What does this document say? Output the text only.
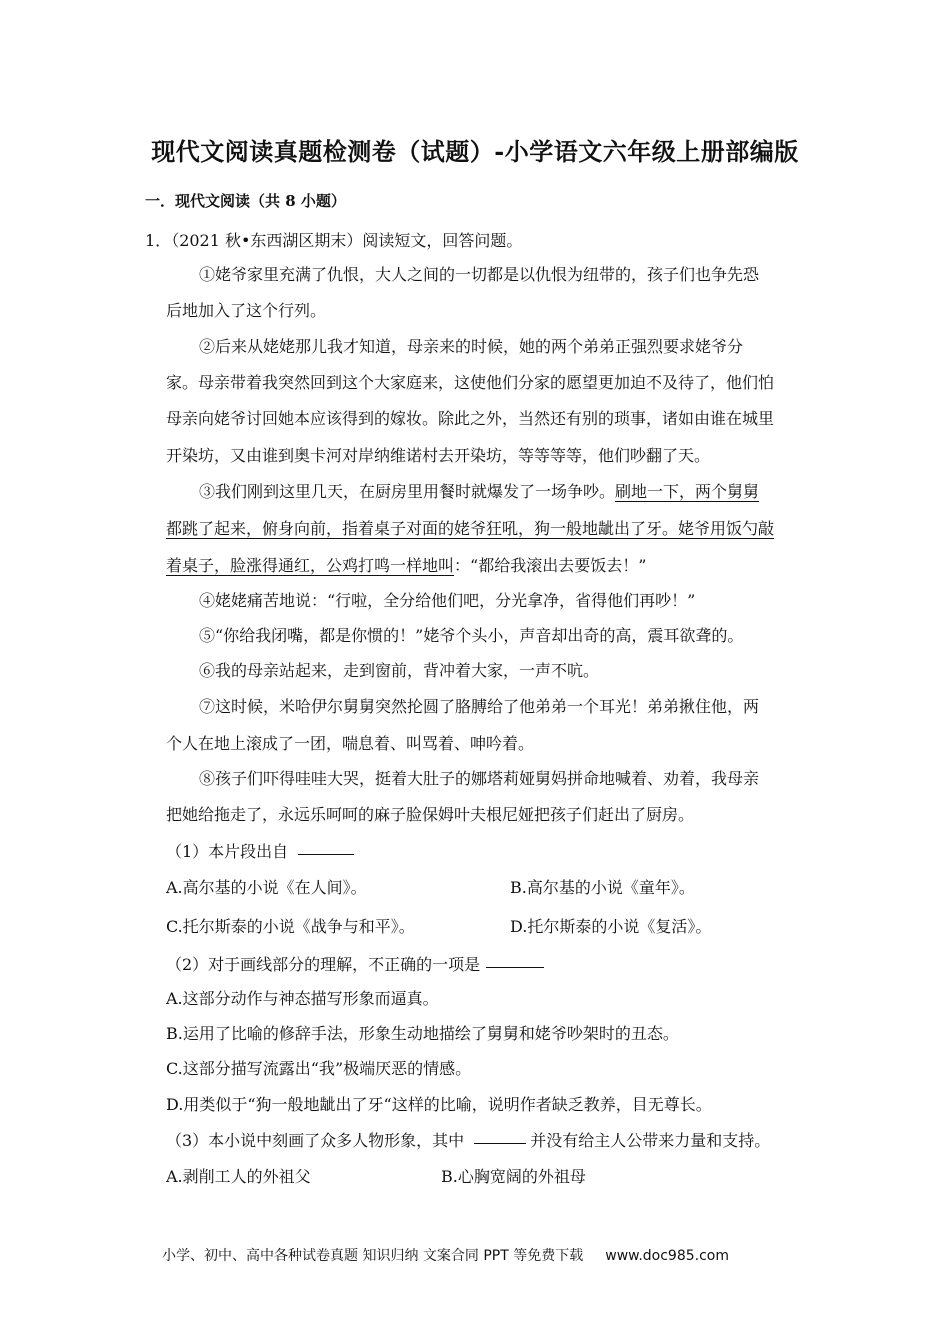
现代文阅读真题检测卷（试题）-小学语文六年级上册部编版
一．现代文阅读（共 8 小题）
1．（2021 秋•东西湖区期末）阅读短文，回答问题。
①姥爷家里充满了仇恨，大人之间的一切都是以仇恨为纽带的，孩子们也争先恐
后地加入了这个行列。
②后来从姥姥那儿我才知道，母亲来的时候，她的两个弟弟正强烈要求姥爷分
家。母亲带着我突然回到这个大家庭来，这使他们分家的愿望更加迫不及待了，他们怕
母亲向姥爷讨回她本应该得到的嫁妆。除此之外，当然还有别的琐事，诸如由谁在城里
开染坊，又由谁到奥卡河对岸纳维诺村去开染坊，等等等等，他们吵翻了天。
③我们刚到这里几天，在厨房里用餐时就爆发了一场争吵。刷地一下，两个舅舅
都跳了起来，俯身向前，指着桌子对面的姥爷狂吼，狗一般地龇出了牙。姥爷用饭勺敲
着桌子，脸涨得通红，公鸡打鸣一样地叫：“都给我滚出去要饭去！”
④姥姥痛苦地说：“行啦，全分给他们吧，分光拿净，省得他们再吵！”
⑤“你给我闭嘴，都是你惯的！”姥爷个头小，声音却出奇的高，震耳欲聋的。
⑥我的母亲站起来，走到窗前，背冲着大家，一声不吭。
⑦这时候，米哈伊尔舅舅突然抡圆了胳膊给了他弟弟一个耳光！弟弟揪住他，两
个人在地上滚成了一团，喘息着、叫骂着、呻吟着。
⑧孩子们吓得哇哇大哭，挺着大肚子的娜塔莉娅舅妈拼命地喊着、劝着，我母亲
把她给拖走了，永远乐呵呵的麻子脸保姆叶夫根尼娅把孩子们赶出了厨房。
（1）本片段出自
A.高尔基的小说《在人间》。	B.高尔基的小说《童年》。
C.托尔斯泰的小说《战争与和平》。	D.托尔斯泰的小说《复活》。
（2）对于画线部分的理解，不正确的一项是
A.这部分动作与神态描写形象而逼真。
B.运用了比喻的修辞手法，形象生动地描绘了舅舅和姥爷吵架时的丑态。
C.这部分描写流露出“我”极端厌恶的情感。
D.用类似于“狗一般地龇出了牙“这样的比喻，说明作者缺乏教养，目无尊长。
（3）本小说中刻画了众多人物形象，其中	并没有给主人公带来力量和支持。
A.剥削工人的外祖父	B.心胸宽阔的外祖母
小学、初中、高中各种试卷真题 知识归纳 文案合同 PPT 等免费下载 www.doc985.com
